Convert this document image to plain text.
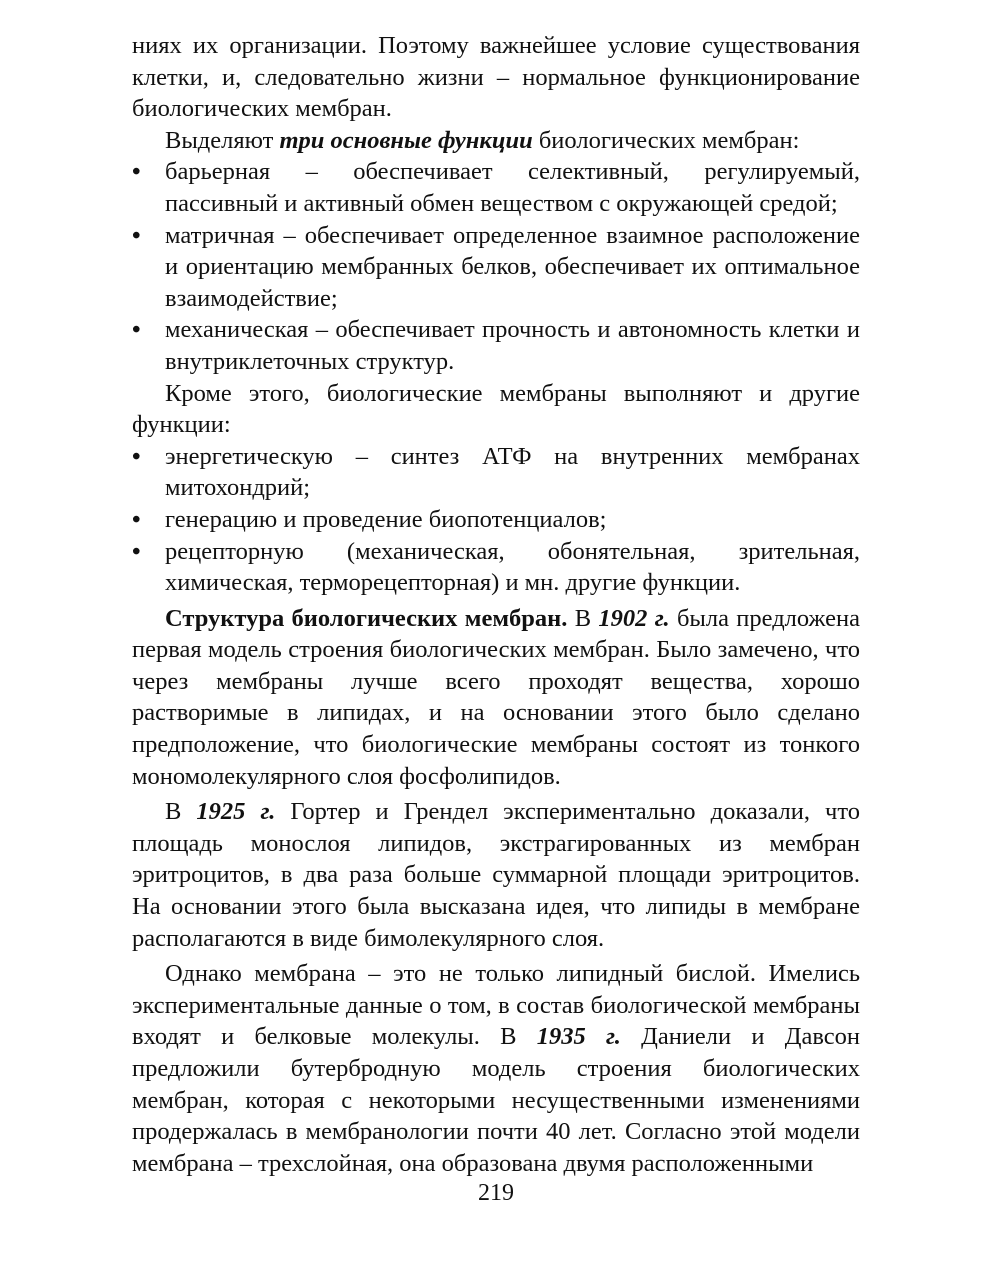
ниях их организации. Поэтому важнейшее условие существования клетки, и, следовательно жизни – нормальное функционирование биологических мембран.

Выделяют три основные функции биологических мембран:

• барьерная – обеспечивает селективный, регулируемый, пассивный и активный обмен веществом с окружающей средой;
• матричная – обеспечивает определенное взаимное расположение и ориентацию мембранных белков, обеспечивает их оптимальное взаимодействие;
• механическая – обеспечивает прочность и автономность клетки и внутриклеточных структур.

Кроме этого, биологические мембраны выполняют и другие функции:

• энергетическую – синтез АТФ на внутренних мембранах митохондрий;
• генерацию и проведение биопотенциалов;
• рецепторную (механическая, обонятельная, зрительная, химическая, терморецепторная) и мн. другие функции.

Структура биологических мембран. В 1902 г. была предложена первая модель строения биологических мембран. Было замечено, что через мембраны лучше всего проходят вещества, хорошо растворимые в липидах, и на основании этого было сделано предположение, что биологические мембраны состоят из тонкого мономолекулярного слоя фосфолипидов.

В 1925 г. Гортер и Грендел экспериментально доказали, что площадь монослоя липидов, экстрагированных из мембран эритроцитов, в два раза больше суммарной площади эритроцитов. На основании этого была высказана идея, что липиды в мембране располагаются в виде бимолекулярного слоя.

Однако мембрана – это не только липидный бислой. Имелись экспериментальные данные о том, в состав биологической мембраны входят и белковые молекулы. В 1935 г. Даниели и Давсон предложили бутербродную модель строения биологических мембран, которая с некоторыми несущественными изменениями продержалась в мембранологии почти 40 лет. Согласно этой модели мембрана – трехслойная, она образована двумя расположенными

219
